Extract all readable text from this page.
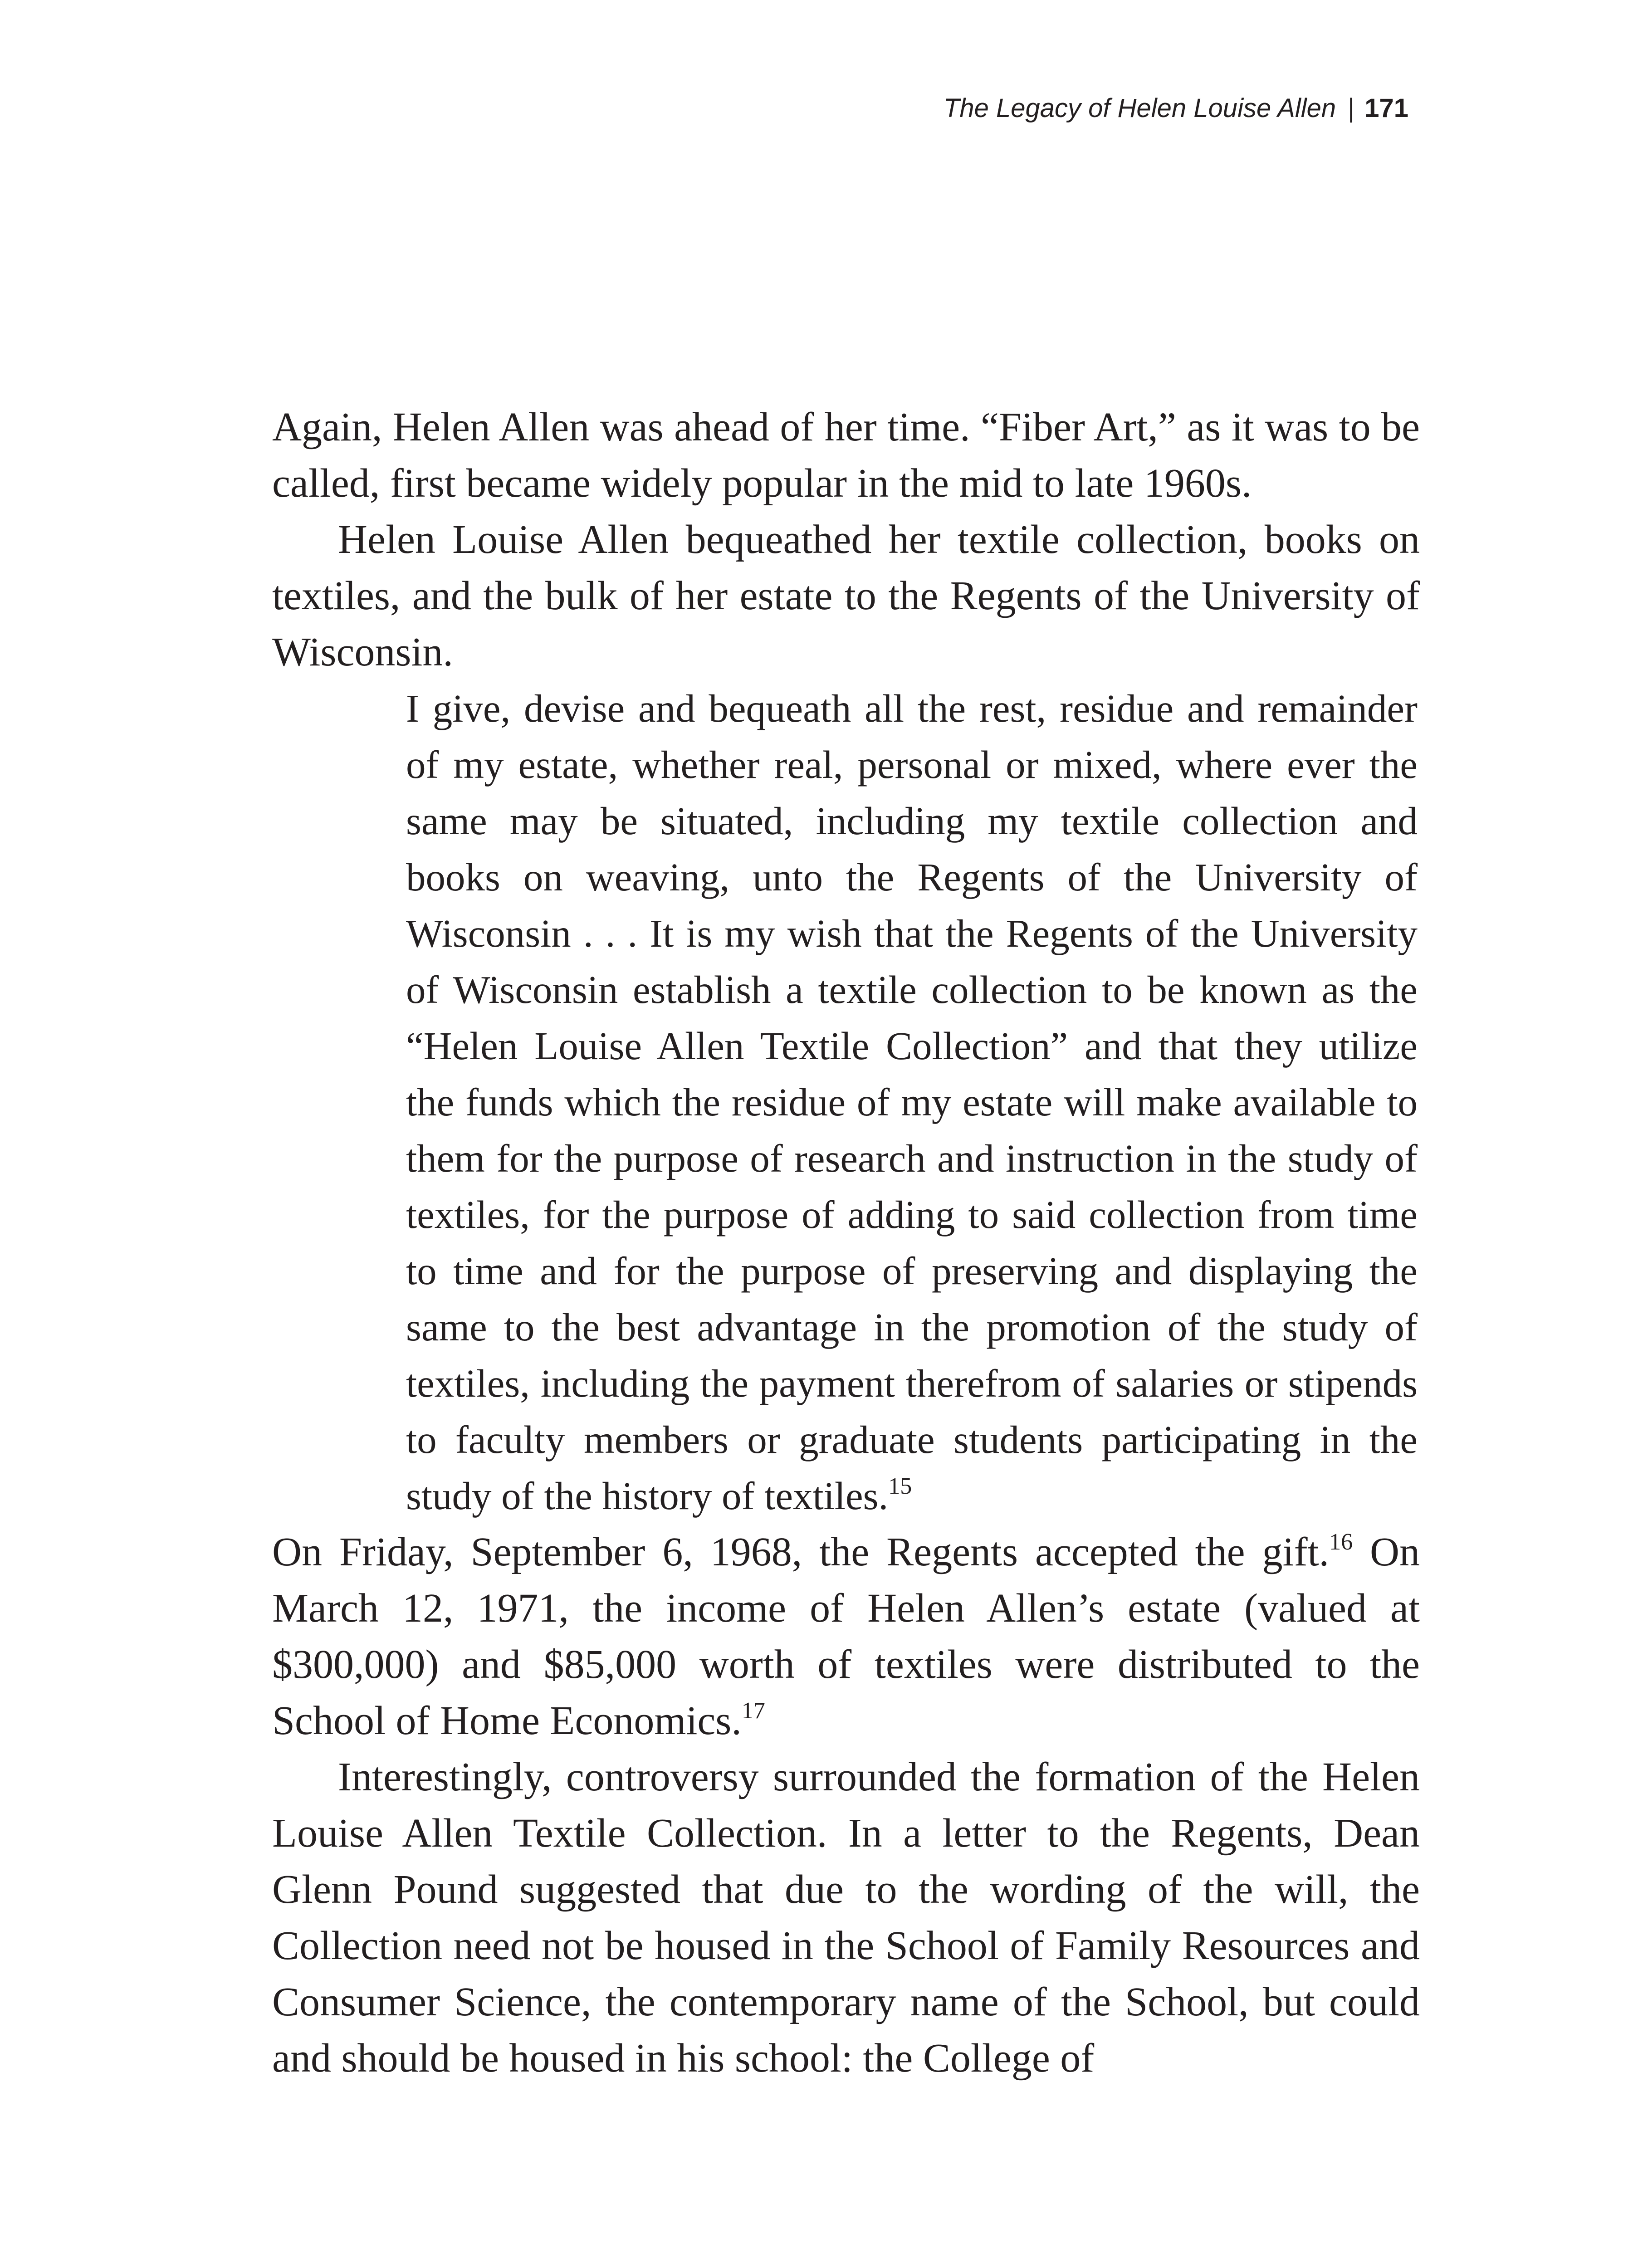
The Legacy of Helen Louise Allen | 171

Again, Helen Allen was ahead of her time. “Fiber Art,” as it was to be called, first became widely popular in the mid to late 1960s.

Helen Louise Allen bequeathed her textile collection, books on textiles, and the bulk of her estate to the Regents of the University of Wisconsin.

I give, devise and bequeath all the rest, residue and remainder of my estate, whether real, personal or mixed, where ever the same may be situated, including my textile collection and books on weaving, unto the Regents of the University of Wisconsin . . . It is my wish that the Regents of the University of Wisconsin establish a textile collection to be known as the “Helen Louise Allen Textile Collection” and that they utilize the funds which the residue of my estate will make available to them for the purpose of research and instruction in the study of textiles, for the purpose of adding to said collection from time to time and for the purpose of preserving and displaying the same to the best advantage in the promotion of the study of textiles, including the payment therefrom of salaries or stipends to faculty members or graduate students participating in the study of the history of textiles.$^{15}$

On Friday, September 6, 1968, the Regents accepted the gift.$^{16}$ On March 12, 1971, the income of Helen Allen’s estate (valued at $300,000) and $85,000 worth of textiles were distributed to the School of Home Economics.$^{17}$

Interestingly, controversy surrounded the formation of the Helen Louise Allen Textile Collection. In a letter to the Regents, Dean Glenn Pound suggested that due to the wording of the will, the Collection need not be housed in the School of Family Resources and Consumer Science, the contemporary name of the School, but could and should be housed in his school: the College of
